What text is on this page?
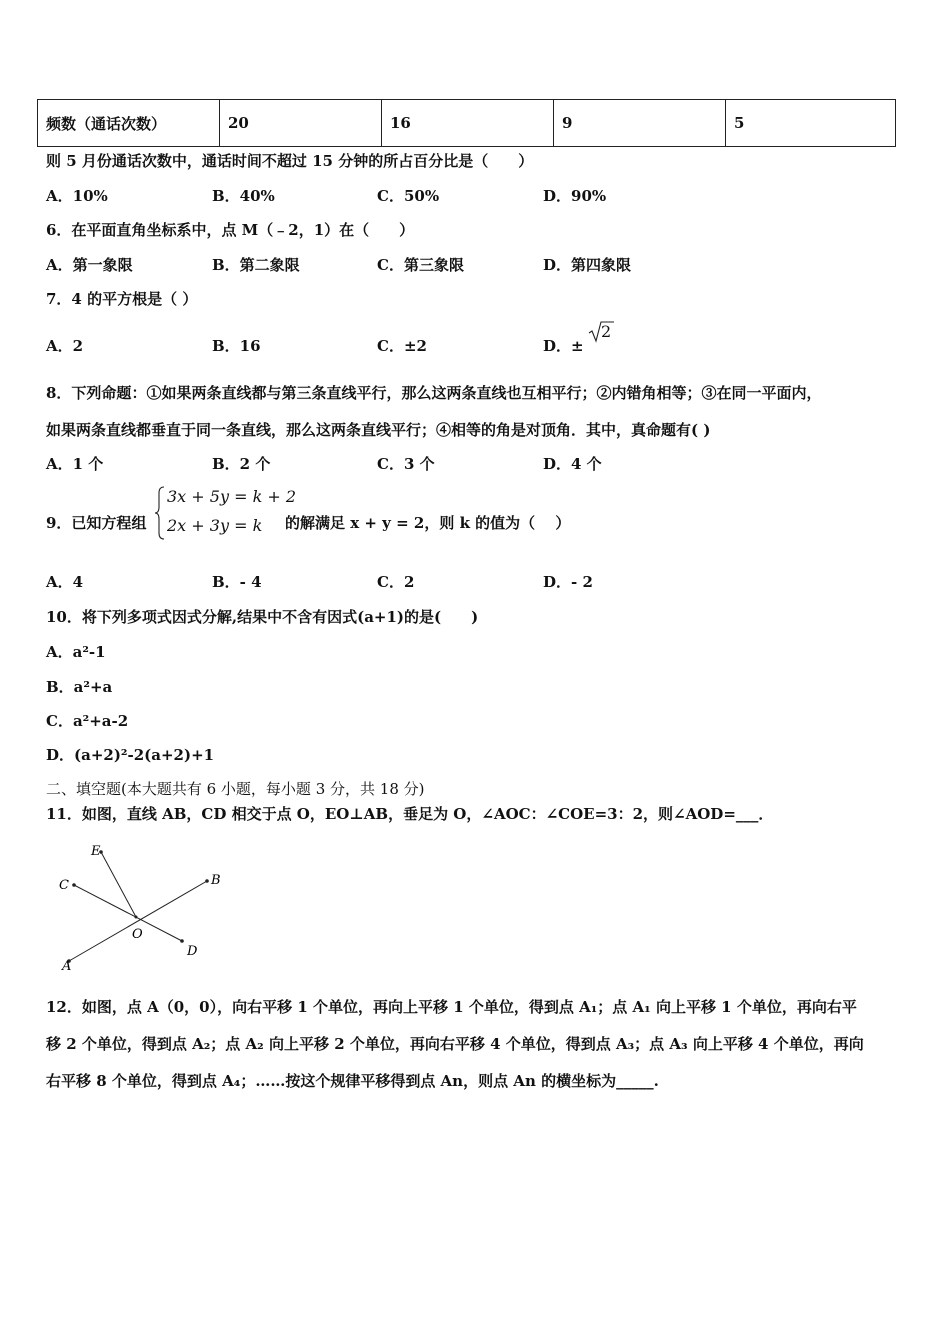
频数（通话次数）	20	16	9	5
则 5 月份通话次数中，通话时间不超过 15 分钟的所占百分比是（　　）
A．10%	B．40%	C．50%	D．90%
6．在平面直角坐标系中，点 M（﹣2，1）在（　　）
A．第一象限	B．第二象限	C．第三象限	D．第四象限
7．4 的平方根是（ ）
A．2	B．16	C．±2	D．±
2
8．下列命题：①如果两条直线都与第三条直线平行，那么这两条直线也互相平行；②内错角相等；③在同一平面内，
如果两条直线都垂直于同一条直线，那么这两条直线平行；④相等的角是对顶角．其中，真命题有( )
A．1 个	B．2 个	C．3 个	D．4 个
9．已知方程组
3x + 5y = k + 2
2x + 3y = k 的解满足 x + y = 2，则 k 的值为（　 ）
A．4	B．- 4	C．2	D．- 2
10．将下列多项式因式分解,结果中不含有因式(a+1)的是(　　)
A．a²-1
B．a²+a
C．a²+a-2
D．(a+2)²-2(a+2)+1
二、填空题(本大题共有 6 小题，每小题 3 分，共 18 分)
11．如图，直线 AB，CD 相交于点 O，EO⊥AB，垂足为 O，∠AOC：∠COE=3：2，则∠AOD=___．
E
C	B
O
A
D
12．如图，点 A（0，0），向右平移 1 个单位，再向上平移 1 个单位，得到点 A₁；点 A₁ 向上平移 1 个单位，再向右平
移 2 个单位，得到点 A₂；点 A₂ 向上平移 2 个单位，再向右平移 4 个单位，得到点 A₃；点 A₃ 向上平移 4 个单位，再向
右平移 8 个单位，得到点 A₄；……按这个规律平移得到点 An，则点 An 的横坐标为_____.
